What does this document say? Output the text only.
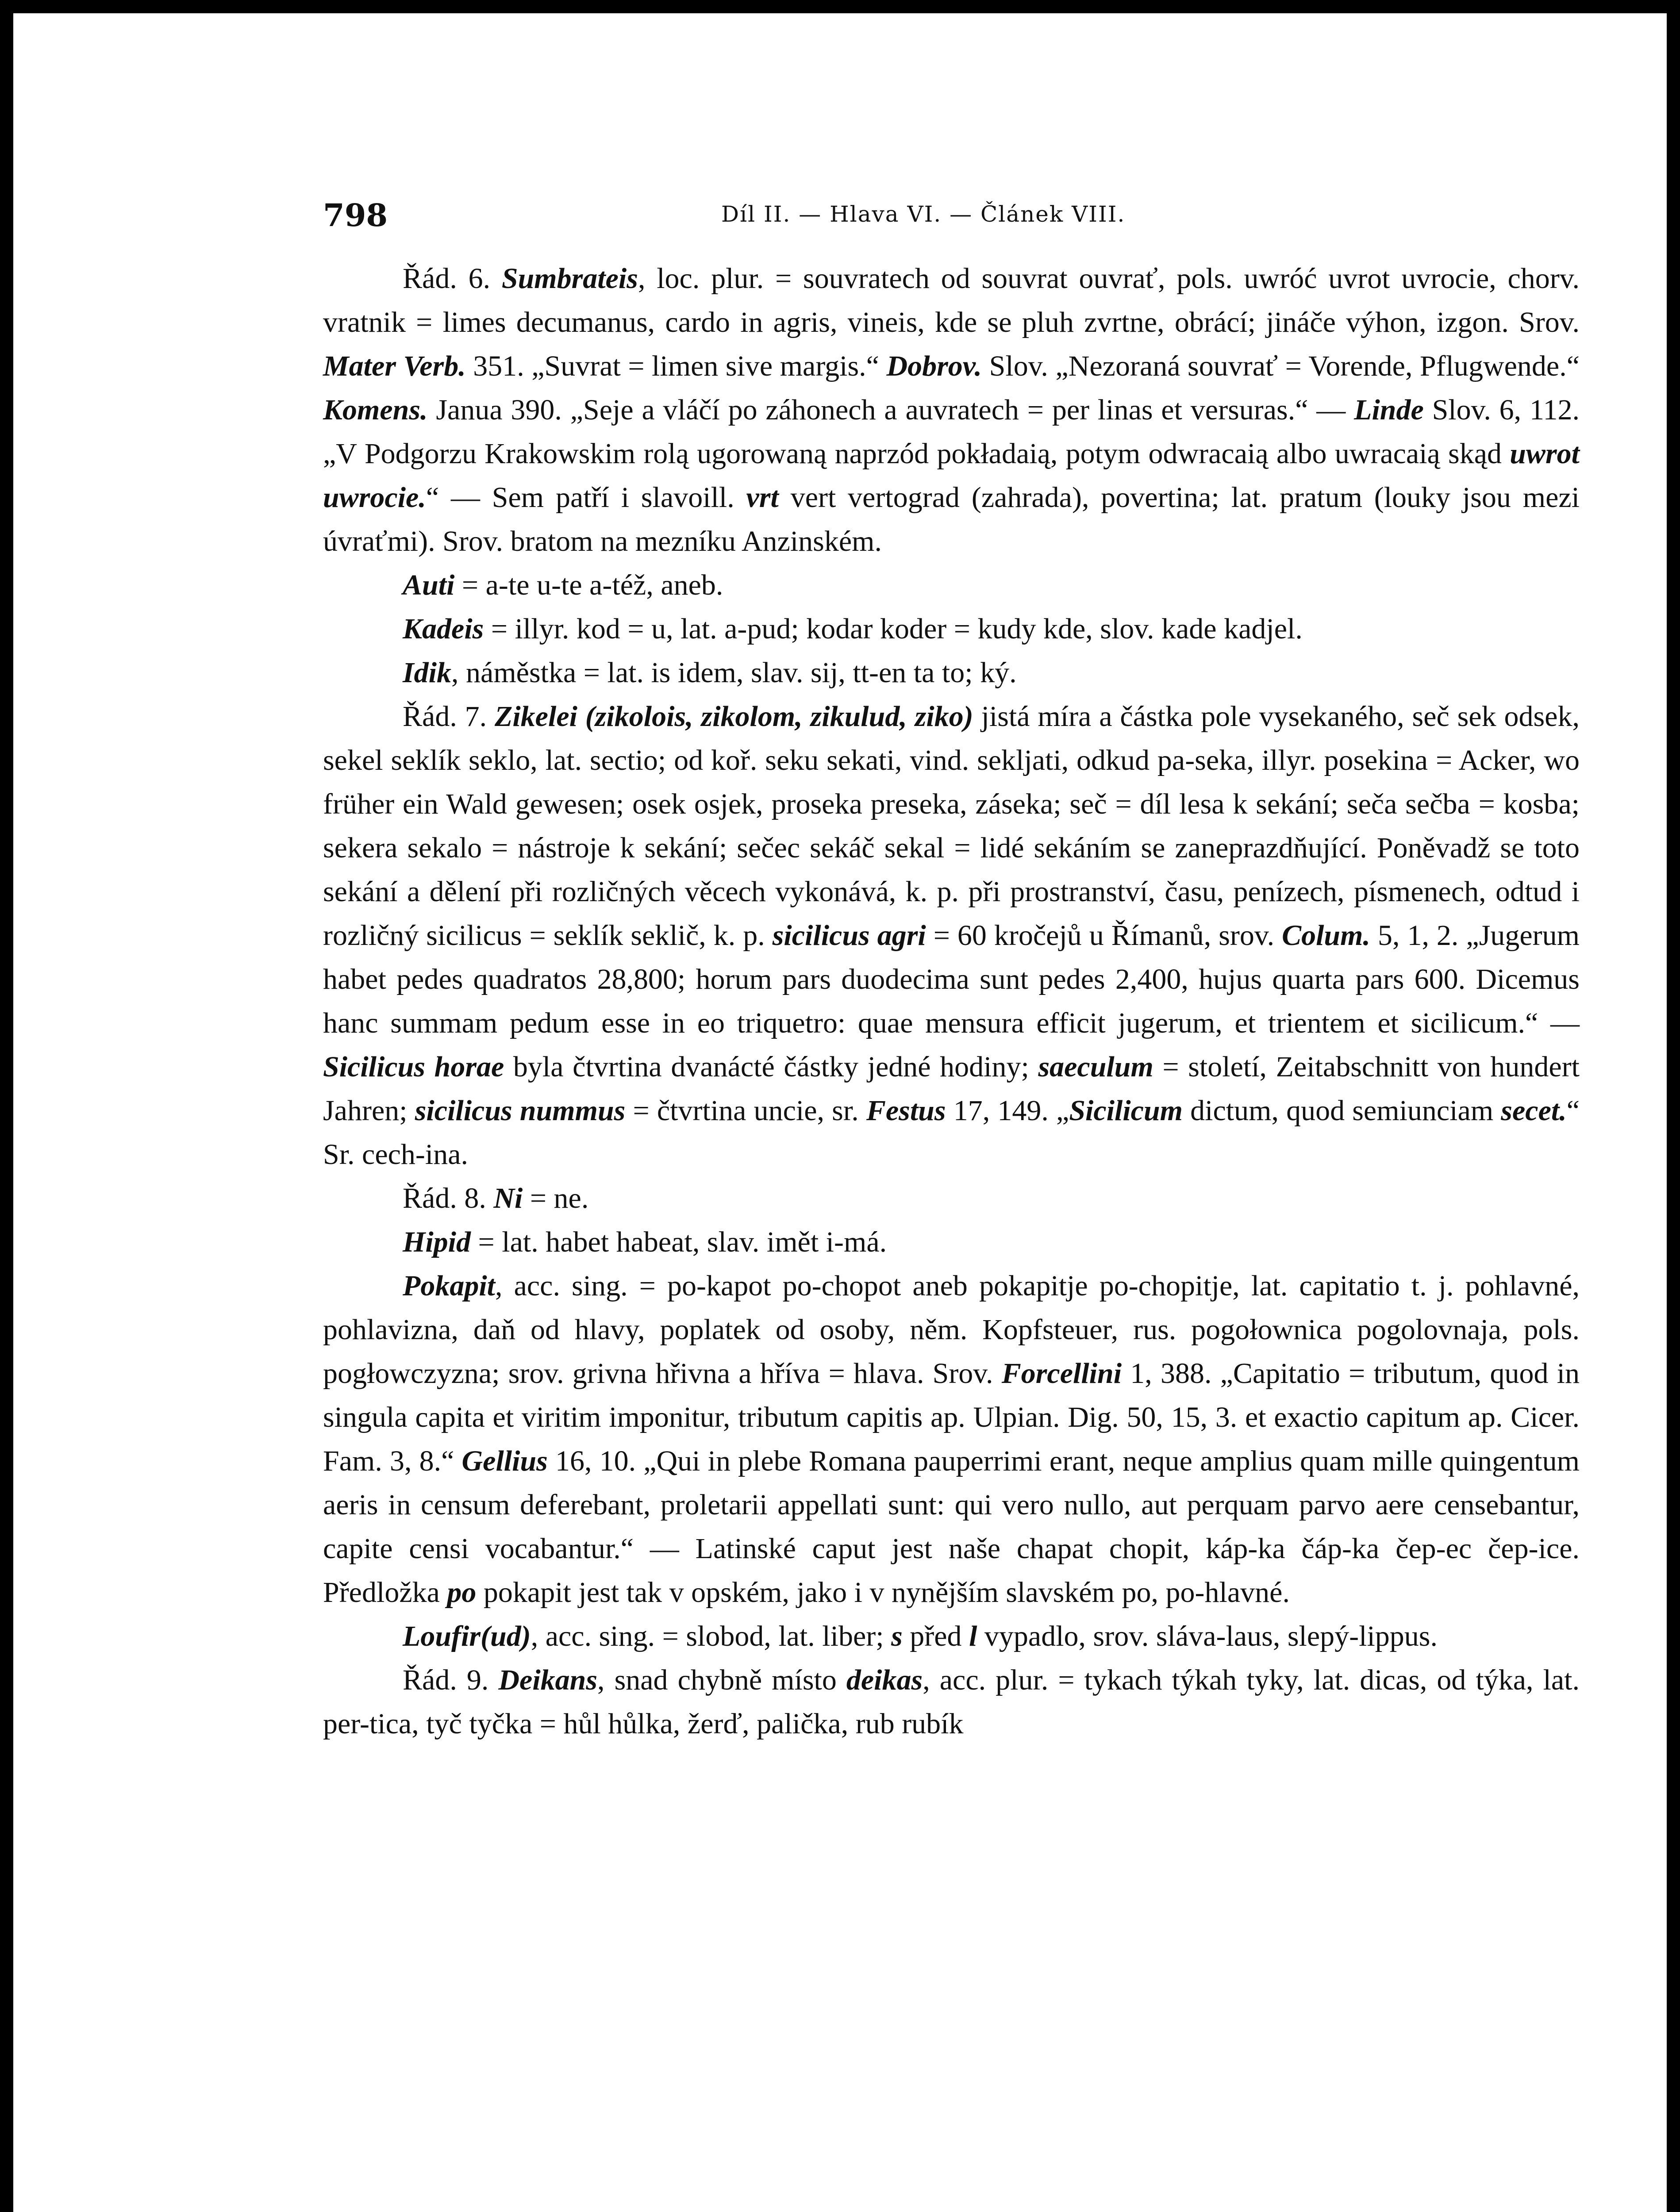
798	Díl II. — Hlava VI. — Článek VIII.

Řád. 6. Sumbrateis, loc. plur. = souvratech od souvrat ouvrať, pols. uwróć uvrot uvrocie, chorv. vratnik = limes decumanus, cardo in agris, vineis, kde se pluh zvrtne, obrácí; jináče výhon, izgon. Srov. Mater Verb. 351. „Suvrat = limen sive margis.“ Dobrov. Slov. „Nezoraná souvrať = Vorende, Pflugwende.“ Komens. Janua 390. „Seje a vláčí po záhonech a auvratech = per linas et versuras.“ — Linde Slov. 6, 112. „V Podgorzu Krakowskim rolą ugorowaną naprzód pokładaią, potym odwracaią albo uwracaią skąd uwrot uwrocie.“ — Sem patří i slavoill. vrt vert vertograd (zahrada), povertina; lat. pratum (louky jsou mezi úvraťmi). Srov. bratom na mezníku Anzinském.

Auti = a-te u-te a-též, aneb.

Kadeis = illyr. kod = u, lat. a-pud; kodar koder = kudy kde, slov. kade kadjel.

Idik, náměstka = lat. is idem, slav. sij, tt-en ta to; ký.

Řád. 7. Zikelei (zikolois, zikolom, zikulud, ziko) jistá míra a částka pole vysekaného, seč sek odsek, sekel seklík seklo, lat. sectio; od koř. seku sekati, vind. sekljati, odkud pa-seka, illyr. posekina = Acker, wo früher ein Wald gewesen; osek osjek, proseka preseka, záseka; seč = díl lesa k sekání; seča sečba = kosba; sekera sekalo = nástroje k sekání; sečec sekáč sekal = lidé sekáním se zaneprazdňující. Poněvadž se toto sekání a dělení při rozličných věcech vykonává, k. p. při prostranství, času, penízech, písmenech, odtud i rozličný sicilicus = seklík seklič, k. p. sicilicus agri = 60 kročejů u Římanů, srov. Colum. 5, 1, 2. „Jugerum habet pedes quadratos 28,800; horum pars duodecima sunt pedes 2,400, hujus quarta pars 600. Dicemus hanc summam pedum esse in eo triquetro: quae mensura efficit jugerum, et trientem et sicilicum.“ — Sicilicus horae byla čtvrtina dvanácté částky jedné hodiny; saeculum = století, Zeitabschnitt von hundert Jahren; sicilicus nummus = čtvrtina uncie, sr. Festus 17, 149. „Sicilicum dictum, quod semiunciam secet.“ Sr. cech-ina.

Řád. 8. Ni = ne.

Hipid = lat. habet habeat, slav. imět i-má.

Pokapit, acc. sing. = po-kapot po-chopot aneb pokapitje po-chopitje, lat. capitatio t. j. pohlavné, pohlavizna, daň od hlavy, poplatek od osoby, něm. Kopfsteuer, rus. pogołownica pogolovnaja, pols. pogłowczyzna; srov. grivna hřivna a hříva = hlava. Srov. Forcellini 1, 388. „Capitatio = tributum, quod in singula capita et viritim imponitur, tributum capitis ap. Ulpian. Dig. 50, 15, 3. et exactio capitum ap. Cicer. Fam. 3, 8.“ Gellius 16, 10. „Qui in plebe Romana pauperrimi erant, neque amplius quam mille quingentum aeris in censum deferebant, proletarii appellati sunt: qui vero nullo, aut perquam parvo aere censebantur, capite censi vocabantur.“ — Latinské caput jest naše chapat chopit, káp-ka čáp-ka čep-ec čep-ice. Předložka po pokapit jest tak v opském, jako i v nynějším slavském po, po-hlavné.

Loufir(ud), acc. sing. = slobod, lat. liber; s před l vypadlo, srov. sláva-laus, slepý-lippus.

Řád. 9. Deikans, snad chybně místo deikas, acc. plur. = tykach týkah tyky, lat. dicas, od týka, lat. per-tica, tyč tyčka = hůl hůlka, žerď, palička, rub rubík
